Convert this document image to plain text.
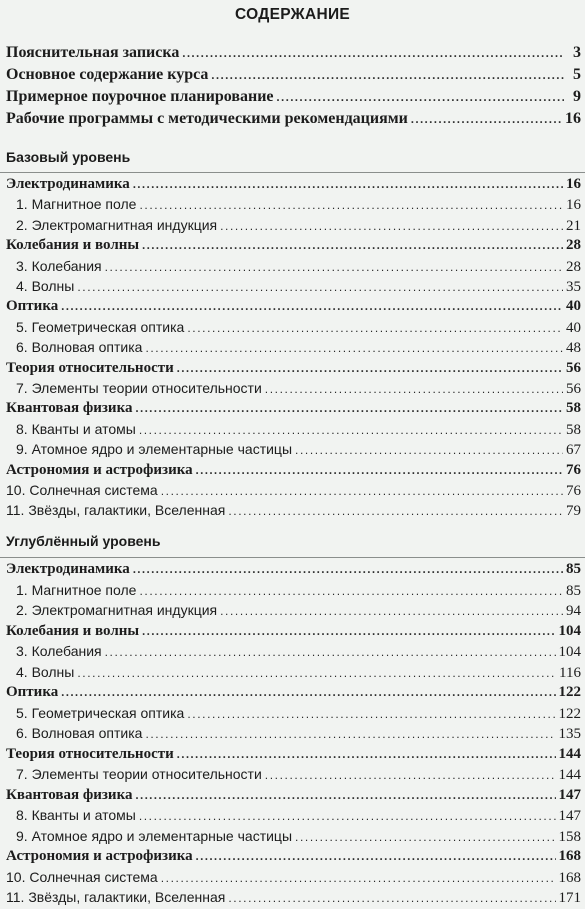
СОДЕРЖАНИЕ
Пояснительная записка .....	3
Основное содержание курса .....	5
Примерное поурочное планирование .....	9
Рабочие программы с методическими рекомендациями .....	16
Базовый уровень
Электродинамика .....	16
1. Магнитное поле .....	16
2. Электромагнитная индукция .....	21
Колебания и волны .....	28
3. Колебания .....	28
4. Волны .....	35
Оптика .....	40
5. Геометрическая оптика .....	40
6. Волновая оптика .....	48
Теория относительности .....	56
7. Элементы теории относительности .....	56
Квантовая физика .....	58
8. Кванты и атомы .....	58
9. Атомное ядро и элементарные частицы .....	67
Астрономия и астрофизика .....	76
10. Солнечная система .....	76
11. Звёзды, галактики, Вселенная .....	79
Углублённый уровень
Электродинамика .....	85
1. Магнитное поле .....	85
2. Электромагнитная индукция .....	94
Колебания и волны .....	104
3. Колебания .....	104
4. Волны .....	116
Оптика .....	122
5. Геометрическая оптика .....	122
6. Волновая оптика .....	135
Теория относительности .....	144
7. Элементы теории относительности .....	144
Квантовая физика .....	147
8. Кванты и атомы .....	147
9. Атомное ядро и элементарные частицы .....	158
Астрономия и астрофизика .....	168
10. Солнечная система .....	168
11. Звёзды, галактики, Вселенная .....	171
